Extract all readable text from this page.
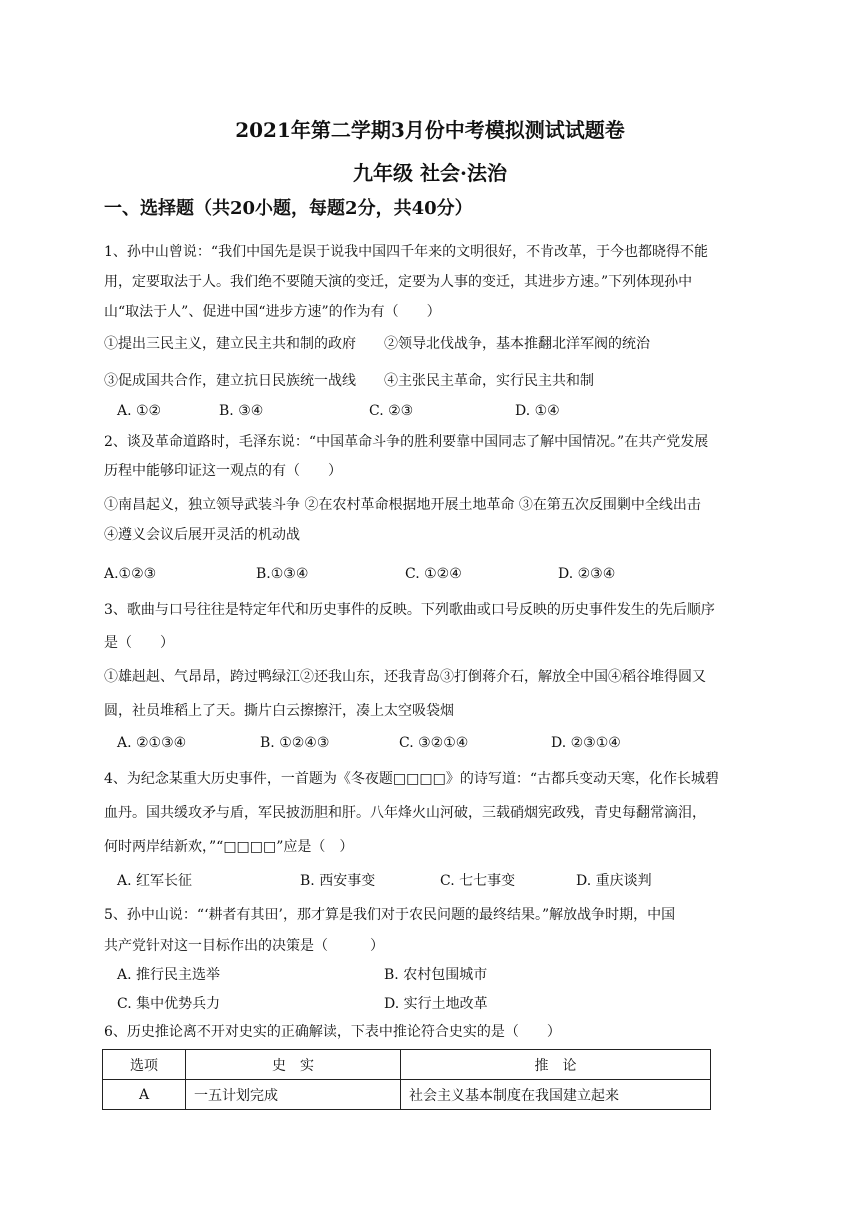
2021年第二学期3月份中考模拟测试试题卷
九年级 社会·法治
一、选择题（共20小题，每题2分，共40分）
1、孙中山曾说：“我们中国先是误于说我中国四千年来的文明很好，不肯改革，于今也都晓得不能
用，定要取法于人。我们绝不要随天演的变迁，定要为人事的变迁，其进步方速。”下列体现孙中
山“取法于人”、促进中国“进步方速”的作为有（　　）
①提出三民主义，建立民主共和制的政府　　②领导北伐战争，基本推翻北洋军阀的统治
③促成国共合作，建立抗日民族统一战线　　④主张民主革命，实行民主共和制
A. ①②	B. ③④	C. ②③	D. ①④
2、谈及革命道路时，毛泽东说：“中国革命斗争的胜利要靠中国同志了解中国情况。”在共产党发展
历程中能够印证这一观点的有（　　）
①南昌起义，独立领导武装斗争 ②在农村革命根据地开展土地革命 ③在第五次反围剿中全线出击
④遵义会议后展开灵活的机动战
A.①②③	B.①③④	C. ①②④	D. ②③④
3、歌曲与口号往往是特定年代和历史事件的反映。下列歌曲或口号反映的历史事件发生的先后顺序
是（　　）
①雄赳赳、气昂昂，跨过鸭绿江②还我山东，还我青岛③打倒蒋介石，解放全中国④稻谷堆得圆又
圆，社员堆稻上了天。撕片白云擦擦汗，凑上太空吸袋烟
A. ②①③④	B. ①②④③	C. ③②①④	D. ②③①④
4、为纪念某重大历史事件，一首题为《冬夜题□□□□》的诗写道：“古都兵变动天寒，化作长城碧
血丹。国共缓攻矛与盾，军民披沥胆和肝。八年烽火山河破，三载硝烟宪政残，青史每翻常滴泪，
何时两岸结新欢，”“□□□□”应是（　）
A. 红军长征	B. 西安事变	C. 七七事变	D. 重庆谈判
5、孙中山说：“‘耕者有其田’，那才算是我们对于农民问题的最终结果。”解放战争时期，中国
共产党针对这一目标作出的决策是（　　　）
A. 推行民主选举	B. 农村包围城市
C. 集中优势兵力	D. 实行土地改革
6、历史推论离不开对史实的正确解读，下表中推论符合史实的是（　　）
选项	史　实	推　论
A	一五计划完成	社会主义基本制度在我国建立起来
